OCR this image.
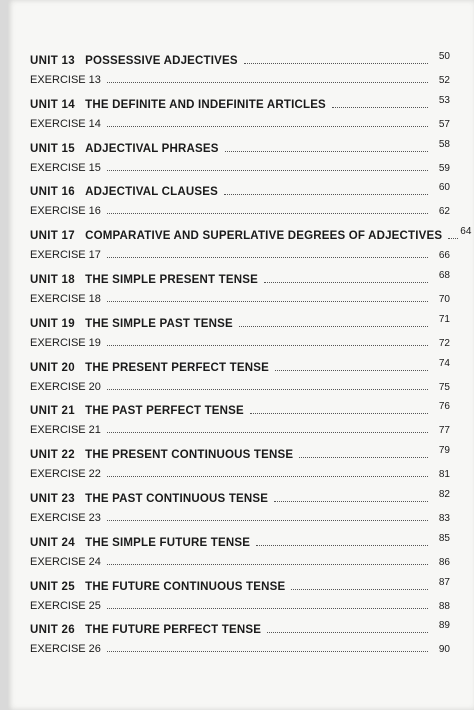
UNIT 13 POSSESSIVE ADJECTIVES	50
EXERCISE 13	52
UNIT 14 THE DEFINITE AND INDEFINITE ARTICLES	53
EXERCISE 14	57
UNIT 15 ADJECTIVAL PHRASES	58
EXERCISE 15	59
UNIT 16 ADJECTIVAL CLAUSES	60
EXERCISE 16	62
UNIT 17 COMPARATIVE AND SUPERLATIVE DEGREES OF ADJECTIVES	64
EXERCISE 17	66
UNIT 18 THE SIMPLE PRESENT TENSE	68
EXERCISE 18	70
UNIT 19 THE SIMPLE PAST TENSE	71
EXERCISE 19	72
UNIT 20 THE PRESENT PERFECT TENSE	74
EXERCISE 20	75
UNIT 21 THE PAST PERFECT TENSE	76
EXERCISE 21	77
UNIT 22 THE PRESENT CONTINUOUS TENSE	79
EXERCISE 22	81
UNIT 23 THE PAST CONTINUOUS TENSE	82
EXERCISE 23	83
UNIT 24 THE SIMPLE FUTURE TENSE	85
EXERCISE 24	86
UNIT 25 THE FUTURE CONTINUOUS TENSE	87
EXERCISE 25	88
UNIT 26 THE FUTURE PERFECT TENSE	89
EXERCISE 26	90
